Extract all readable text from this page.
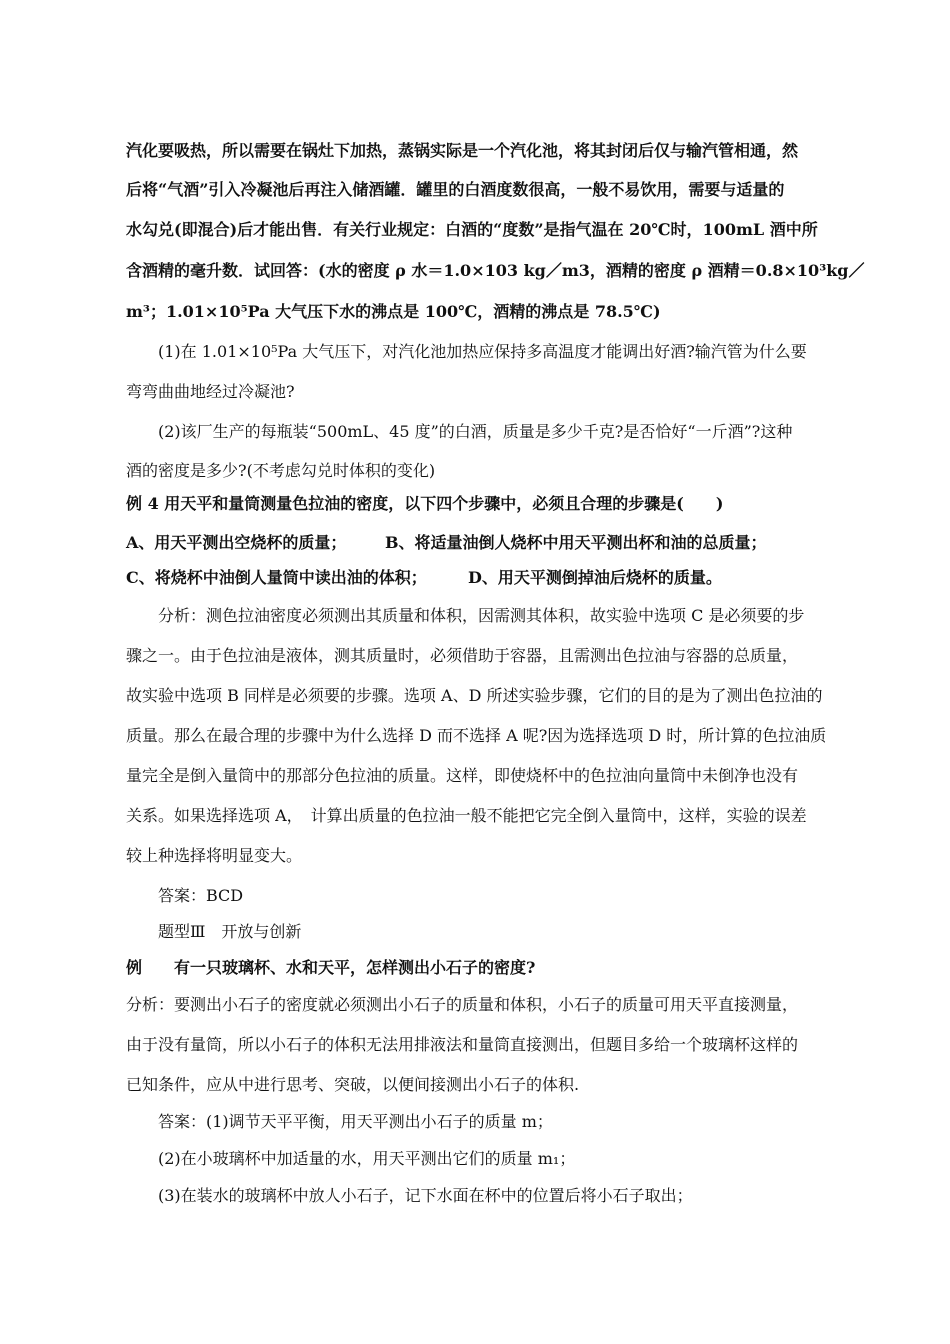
汽化要吸热，所以需要在锅灶下加热，蒸锅实际是一个汽化池，将其封闭后仅与输汽管相通，然
后将“气酒”引入冷凝池后再注入储酒罐．罐里的白酒度数很高，一般不易饮用，需要与适量的
水勾兑(即混合)后才能出售．有关行业规定：白酒的“度数”是指气温在 20℃时，100mL 酒中所
含酒精的毫升数．试回答：(水的密度 ρ 水＝1.0×103 kg／m3，酒精的密度 ρ 酒精＝0.8×10³kg／
m³；1.01×10⁵Pa 大气压下水的沸点是 100℃，酒精的沸点是 78.5℃)
(1)在 1.01×10⁵Pa 大气压下，对汽化池加热应保持多高温度才能调出好酒?输汽管为什么要
弯弯曲曲地经过冷凝池?
(2)该厂生产的每瓶装“500mL、45 度”的白酒，质量是多少千克?是否恰好“一斤酒”?这种
酒的密度是多少?(不考虑勾兑时体积的变化)
例 4 用天平和量筒测量色拉油的密度，以下四个步骤中，必须且合理的步骤是(　　)
A、用天平测出空烧杯的质量； B、将适量油倒人烧杯中用天平测出杯和油的总质量；
C、将烧杯中油倒人量筒中读出油的体积；	D、用天平测倒掉油后烧杯的质量。
分析：测色拉油密度必须测出其质量和体积，因需测其体积，故实验中选项 C 是必须要的步
骤之一。由于色拉油是液体，测其质量时，必须借助于容器，且需测出色拉油与容器的总质量，
故实验中选项 B 同样是必须要的步骤。选项 A、D 所述实验步骤，它们的目的是为了测出色拉油的
质量。那么在最合理的步骤中为什么选择 D 而不选择 A 呢?因为选择选项 D 时，所计算的色拉油质
量完全是倒入量筒中的那部分色拉油的质量。这样，即使烧杯中的色拉油向量筒中未倒净也没有
关系。如果选择选项 A，　计算出质量的色拉油一般不能把它完全倒入量筒中，这样，实验的误差
较上种选择将明显变大。
答案：BCD
题型Ⅲ　开放与创新
例　　有一只玻璃杯、水和天平，怎样测出小石子的密度?
分析：要测出小石子的密度就必须测出小石子的质量和体积，小石子的质量可用天平直接测量，
由于没有量筒，所以小石子的体积无法用排液法和量筒直接测出，但题目多给一个玻璃杯这样的
已知条件，应从中进行思考、突破，以便间接测出小石子的体积.
答案：(1)调节天平平衡，用天平测出小石子的质量 m；
(2)在小玻璃杯中加适量的水，用天平测出它们的质量 m₁；
(3)在装水的玻璃杯中放人小石子，记下水面在杯中的位置后将小石子取出；
